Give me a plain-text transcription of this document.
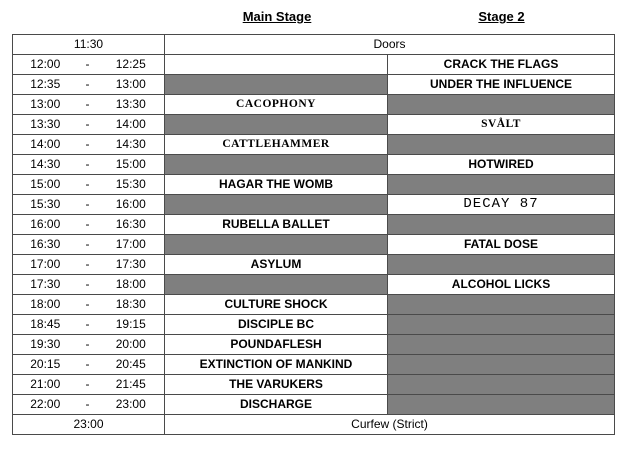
Main Stage	Stage 2
11:30			Doors	
12:00	-	12:25		CRACK THE FLAGS
12:35	-	13:00		UNDER THE INFLUENCE
13:00	-	13:30	CACOPHONY	
13:30	-	14:00		SVÅLT
14:00	-	14:30	CATTLEHAMMER	
14:30	-	15:00		HOTWIRED
15:00	-	15:30	HAGAR THE WOMB	
15:30	-	16:00		DECAY 87
16:00	-	16:30	RUBELLA BALLET	
16:30	-	17:00		FATAL DOSE
17:00	-	17:30	ASYLUM	
17:30	-	18:00		ALCOHOL LICKS
18:00	-	18:30	CULTURE SHOCK	
18:45	-	19:15	DISCIPLE BC	
19:30	-	20:00	POUNDAFLESH	
20:15	-	20:45	EXTINCTION OF MANKIND	
21:00	-	21:45	THE VARUKERS	
22:00	-	23:00	DISCHARGE	
23:00			Curfew (Strict)	
